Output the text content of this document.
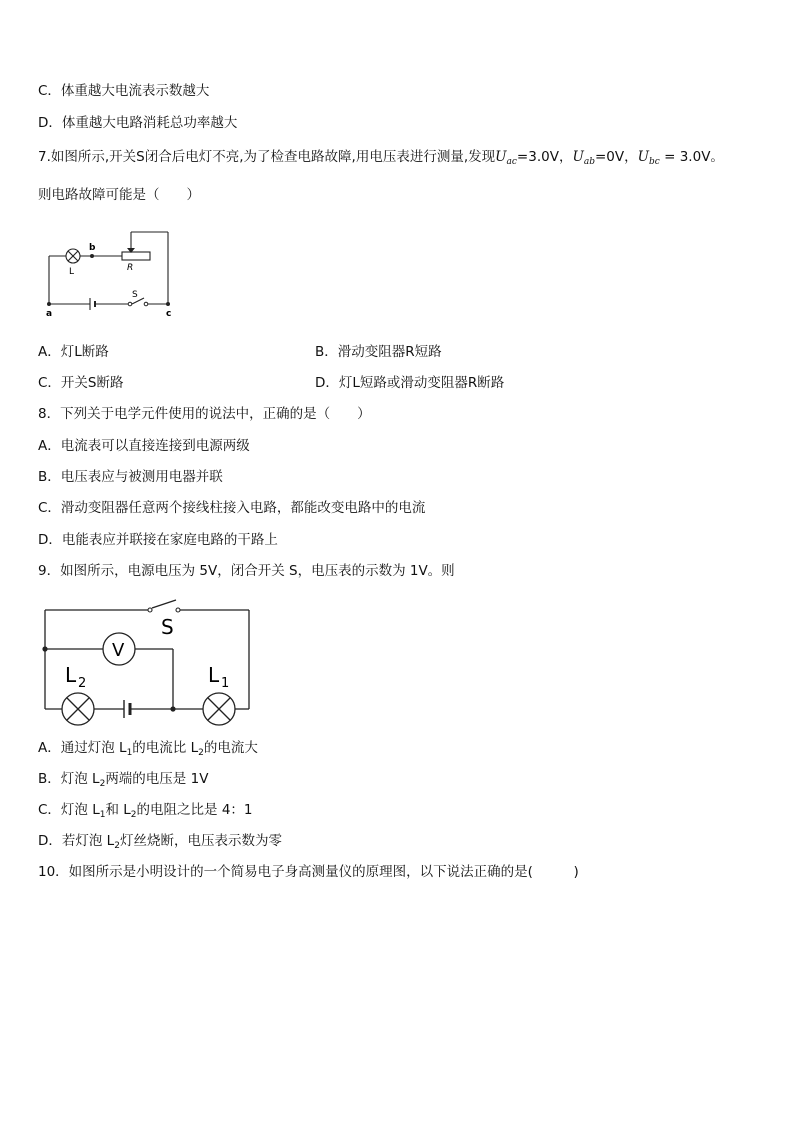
C．体重越大电流表示数越大
D．体重越大电路消耗总功率越大
7.如图所示,开关S闭合后电灯不亮,为了检查电路故障,用电压表进行测量,发现$U_{ac}=3.0V$，$U_{ab}=0V$，$U_{bc} = 3.0V$。
则电路故障可能是（　　）
L
b
R
S
a	c
A．灯L断路	B．滑动变阻器R短路
C．开关S断路	D．灯L短路或滑动变阻器R断路
8．下列关于电学元件使用的说法中，正确的是（　　）
A．电流表可以直接连接到电源两级
B．电压表应与被测用电器并联
C．滑动变阻器任意两个接线柱接入电路，都能改变电路中的电流
D．电能表应并联接在家庭电路的干路上
9．如图所示，电源电压为 5V，闭合开关 S，电压表的示数为 1V。则
S
V
L 2	L 1
A．通过灯泡 $L_1$的电流比 $L_2$的电流大
B．灯泡 $L_2$两端的电压是 1V
C．灯泡 $L_1$和 $L_2$的电阻之比是 4：1
D．若灯泡 $L_2$灯丝烧断，电压表示数为零
10．如图所示是小明设计的一个简易电子身高测量仪的原理图，以下说法正确的是(　　　)
